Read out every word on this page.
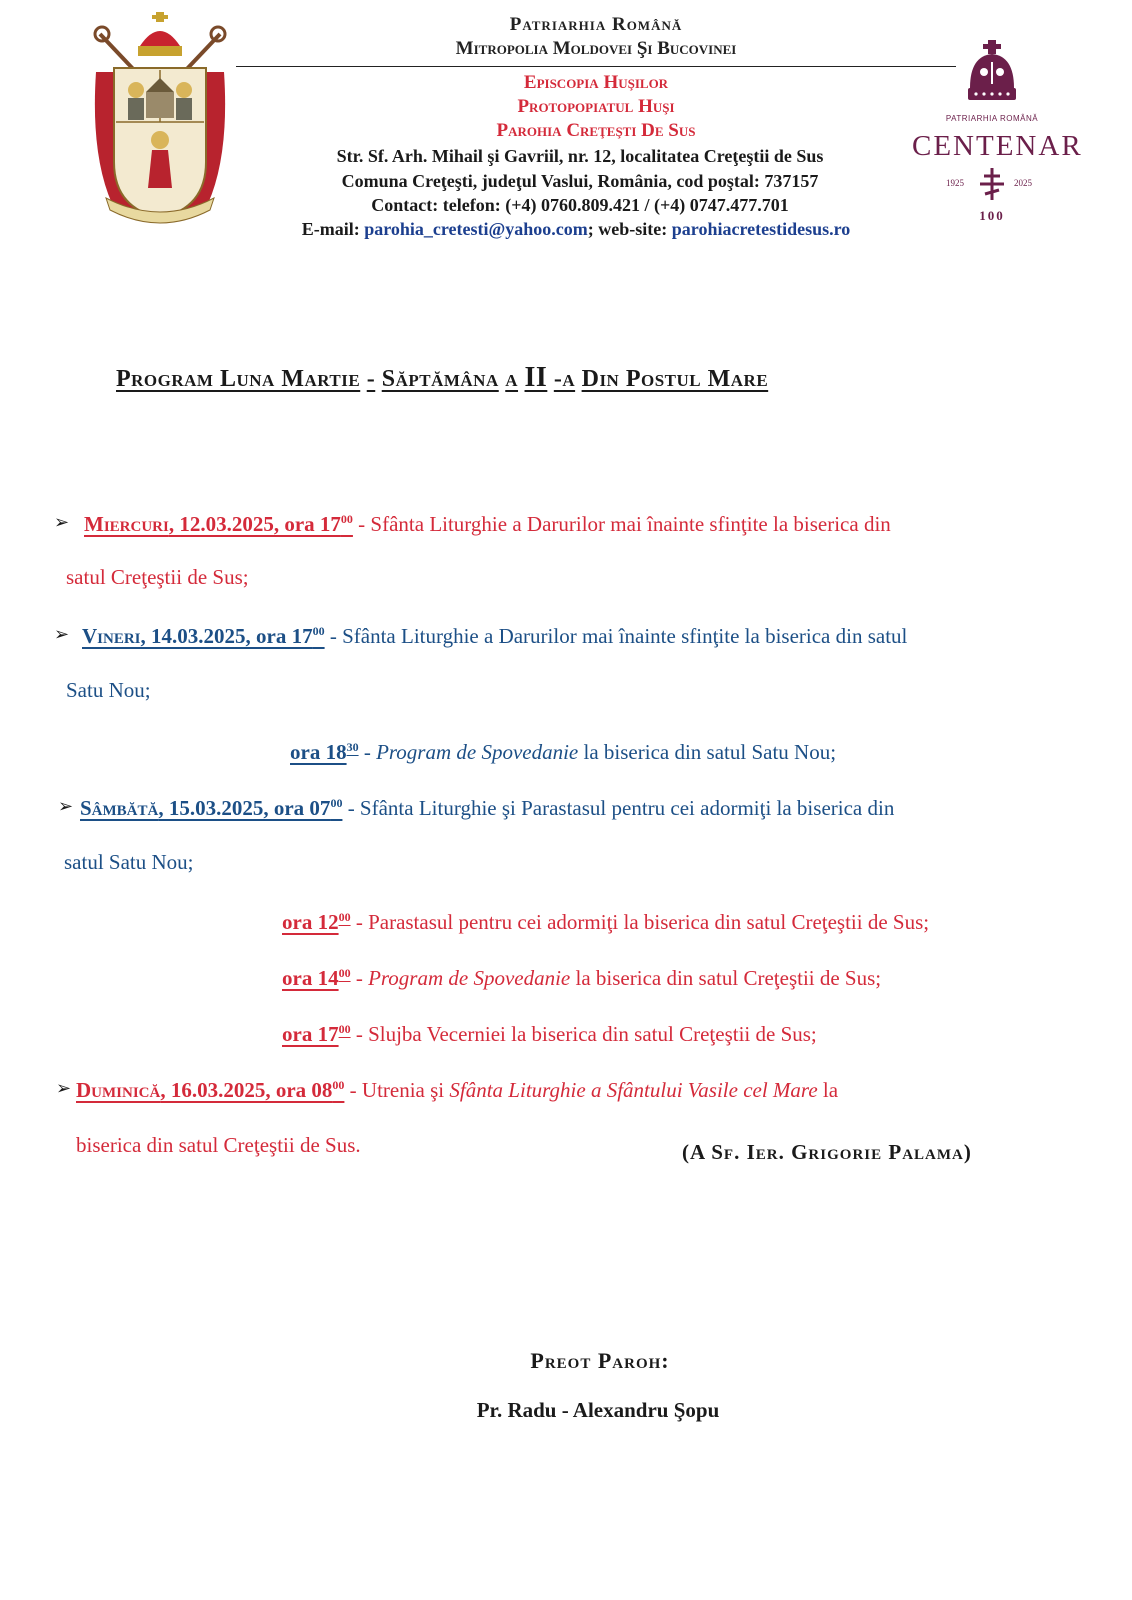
Patriarhia Română
Mitropolia Moldovei Şi Bucovinei
Episcopia Huşilor
Protopopiatul Huşi
Parohia Creţeşti De Sus
Str. Sf. Arh. Mihail şi Gavriil, nr. 12, localitatea Creţeştii de Sus
Comuna Creţeşti, judeţul Vaslui, România, cod poştal: 737157
Contact: telefon: (+4) 0760.809.421 / (+4) 0747.477.701
E-mail: parohia_cretesti@yahoo.com; web-site: parohiacretestidesus.ro
PATRIARHIA ROMÂNĂ
CENTENAR
1925	2025
100
Program Luna Martie - Săptămâna a II -a Din Postul Mare
➢ Miercuri, 12.03.2025, ora $17^{00}$ - Sfânta Liturghie a Darurilor mai înainte sfinţite la biserica din
satul Creţeştii de Sus;
➢ Vineri, 14.03.2025, ora $17^{00}$ - Sfânta Liturghie a Darurilor mai înainte sfinţite la biserica din satul
Satu Nou;
ora $18^{30}$ - Program de Spovedanie la biserica din satul Satu Nou;
➢ Sâmbătă, 15.03.2025, ora $07^{00}$ - Sfânta Liturghie şi Parastasul pentru cei adormiţi la biserica din
satul Satu Nou;
ora $12^{00}$ - Parastasul pentru cei adormiţi la biserica din satul Creţeştii de Sus;
ora $14^{00}$ - Program de Spovedanie la biserica din satul Creţeştii de Sus;
ora $17^{00}$ - Slujba Vecerniei la biserica din satul Creţeştii de Sus;
➢ Duminică, 16.03.2025, ora $08^{00}$ - Utrenia şi Sfânta Liturghie a Sfântului Vasile cel Mare la
biserica din satul Creţeştii de Sus.	(A Sf. Ier. Grigorie Palama)
Preot Paroh:
Pr. Radu - Alexandru Şopu
